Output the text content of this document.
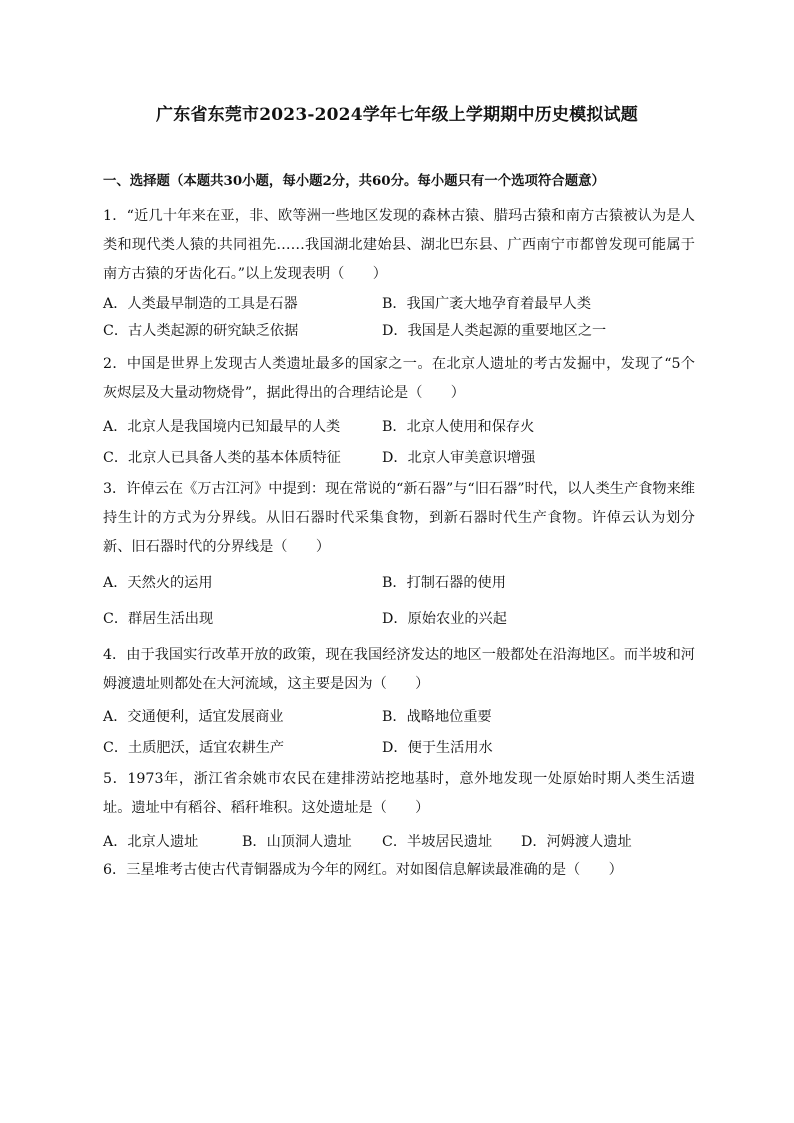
广东省东莞市2023-2024学年七年级上学期期中历史模拟试题
一、选择题（本题共30小题，每小题2分，共60分。每小题只有一个选项符合题意）
1．“近几十年来在亚，非、欧等洲一些地区发现的森林古猿、腊玛古猿和南方古猿被认为是人类和现代类人猿的共同祖先……我国湖北建始县、湖北巴东县、广西南宁市都曾发现可能属于南方古猿的牙齿化石。”以上发现表明（　　）
A．人类最早制造的工具是石器	B．我国广袤大地孕育着最早人类
C．古人类起源的研究缺乏依据	D．我国是人类起源的重要地区之一
2．中国是世界上发现古人类遗址最多的国家之一。在北京人遗址的考古发掘中，发现了“5个灰烬层及大量动物烧骨”，据此得出的合理结论是（　　）
A．北京人是我国境内已知最早的人类	B．北京人使用和保存火
C．北京人已具备人类的基本体质特征	D．北京人审美意识增强
3．许倬云在《万古江河》中提到：现在常说的“新石器”与“旧石器”时代，以人类生产食物来维持生计的方式为分界线。从旧石器时代采集食物，到新石器时代生产食物。许倬云认为划分新、旧石器时代的分界线是（　　）
A．天然火的运用	B．打制石器的使用
C．群居生活出现	D．原始农业的兴起
4．由于我国实行改革开放的政策，现在我国经济发达的地区一般都处在沿海地区。而半坡和河姆渡遗址则都处在大河流域，这主要是因为（　　）
A．交通便利，适宜发展商业	B．战略地位重要
C．土质肥沃，适宜农耕生产	D．便于生活用水
5．1973年，浙江省余姚市农民在建排涝站挖地基时，意外地发现一处原始时期人类生活遗址。遗址中有稻谷、稻秆堆积。这处遗址是（　　）
A．北京人遗址	B．山顶洞人遗址 C．半坡居民遗址 D．河姆渡人遗址
6．三星堆考古使古代青铜器成为今年的网红。对如图信息解读最准确的是（　　）
